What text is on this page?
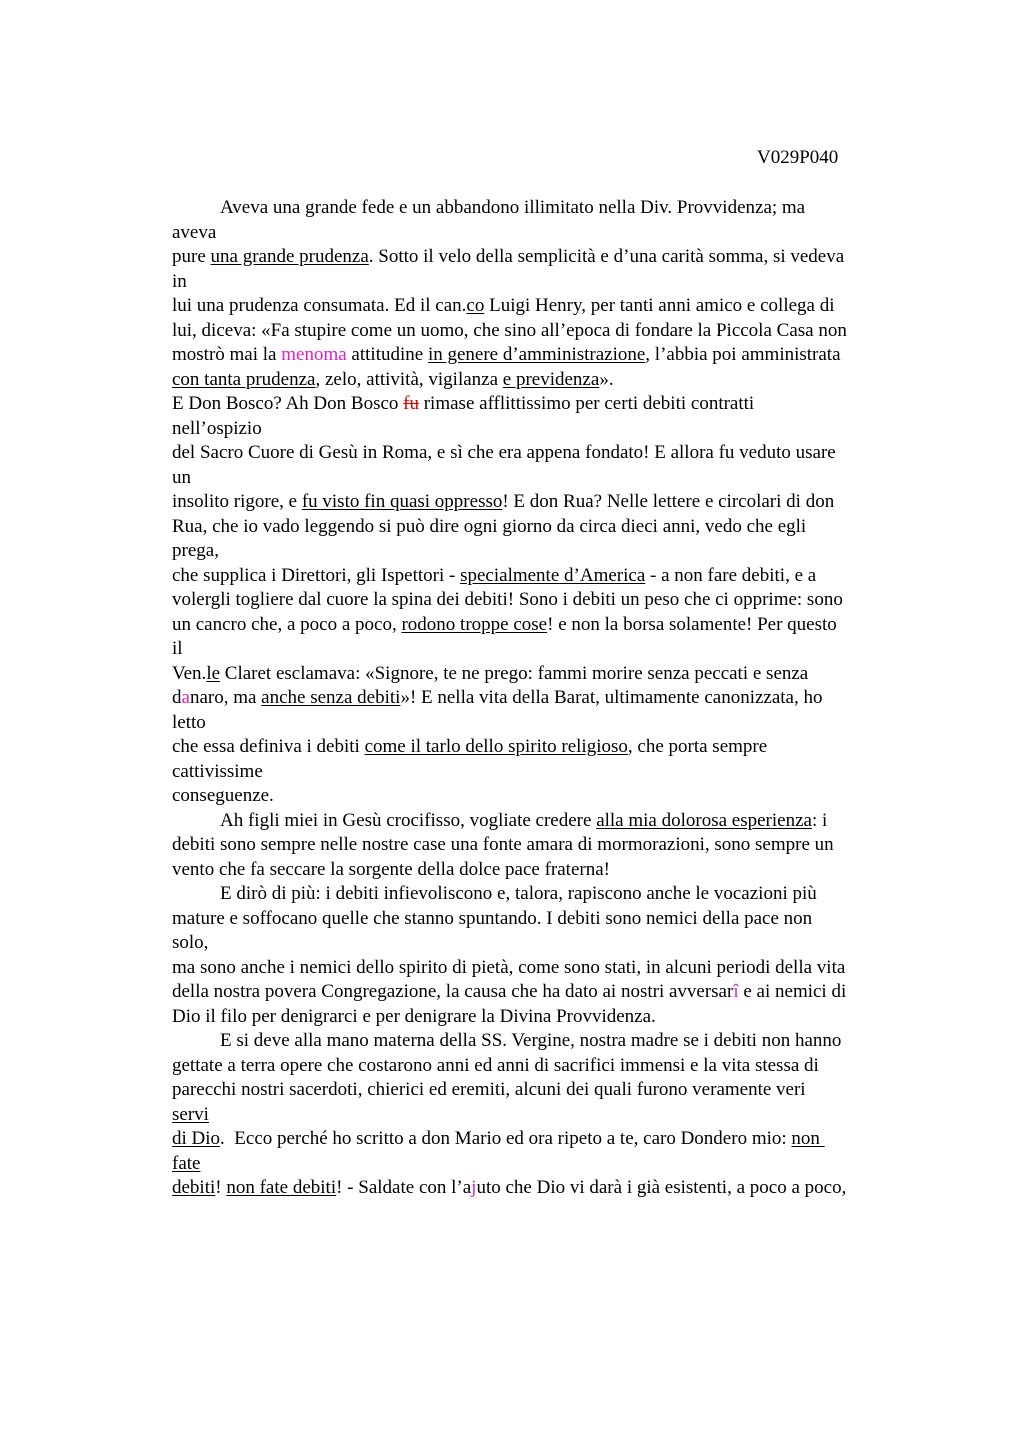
V029P040

Aveva una grande fede e un abbandono illimitato nella Div. Provvidenza; ma

aveva

pure una grande prudenza. Sotto il velo della semplicità e d’una carità somma, si vedeva

in

lui una prudenza consumata. Ed il can.co Luigi Henry, per tanti anni amico e collega di

lui, diceva: «Fa stupire come un uomo, che sino all’epoca di fondare la Piccola Casa non

mostrò mai la menoma attitudine in genere d’amministrazione, l’abbia poi amministrata

con tanta prudenza, zelo, attività, vigilanza e previdenza».

E Don Bosco? Ah Don Bosco fu rimase afflittissimo per certi debiti contratti

nell’ospizio

del Sacro Cuore di Gesù in Roma, e sì che era appena fondato! E allora fu veduto usare

un

insolito rigore, e fu visto fin quasi oppresso! E don Rua? Nelle lettere e circolari di don

Rua, che io vado leggendo si può dire ogni giorno da circa dieci anni, vedo che egli

prega,

che supplica i Direttori, gli Ispettori - specialmente d’America - a non fare debiti, e a

volergli togliere dal cuore la spina dei debiti! Sono i debiti un peso che ci opprime: sono

un cancro che, a poco a poco, rodono troppe cose! e non la borsa solamente! Per questo

il

Ven.le Claret esclamava: «Signore, te ne prego: fammi morire senza peccati e senza

danaro, ma anche senza debiti»! E nella vita della Barat, ultimamente canonizzata, ho

letto

che essa definiva i debiti come il tarlo dello spirito religioso, che porta sempre

cattivissime

conseguenze.

Ah figli miei in Gesù crocifisso, vogliate credere alla mia dolorosa esperienza: i

debiti sono sempre nelle nostre case una fonte amara di mormorazioni, sono sempre un

vento che fa seccare la sorgente della dolce pace fraterna!

E dirò di più: i debiti infievoliscono e, talora, rapiscono anche le vocazioni più

mature e soffocano quelle che stanno spuntando. I debiti sono nemici della pace non

solo,

ma sono anche i nemici dello spirito di pietà, come sono stati, in alcuni periodi della vita

della nostra povera Congregazione, la causa che ha dato ai nostri avversarî e ai nemici di

Dio il filo per denigrarci e per denigrare la Divina Provvidenza.

E si deve alla mano materna della SS. Vergine, nostra madre se i debiti non hanno

gettate a terra opere che costarono anni ed anni di sacrifici immensi e la vita stessa di

parecchi nostri sacerdoti, chierici ed eremiti, alcuni dei quali furono veramente veri

servi

di Dio.  Ecco perché ho scritto a don Mario ed ora ripeto a te, caro Dondero mio: non

fate

debiti! non fate debiti! - Saldate con l’ajuto che Dio vi darà i già esistenti, a poco a poco,
